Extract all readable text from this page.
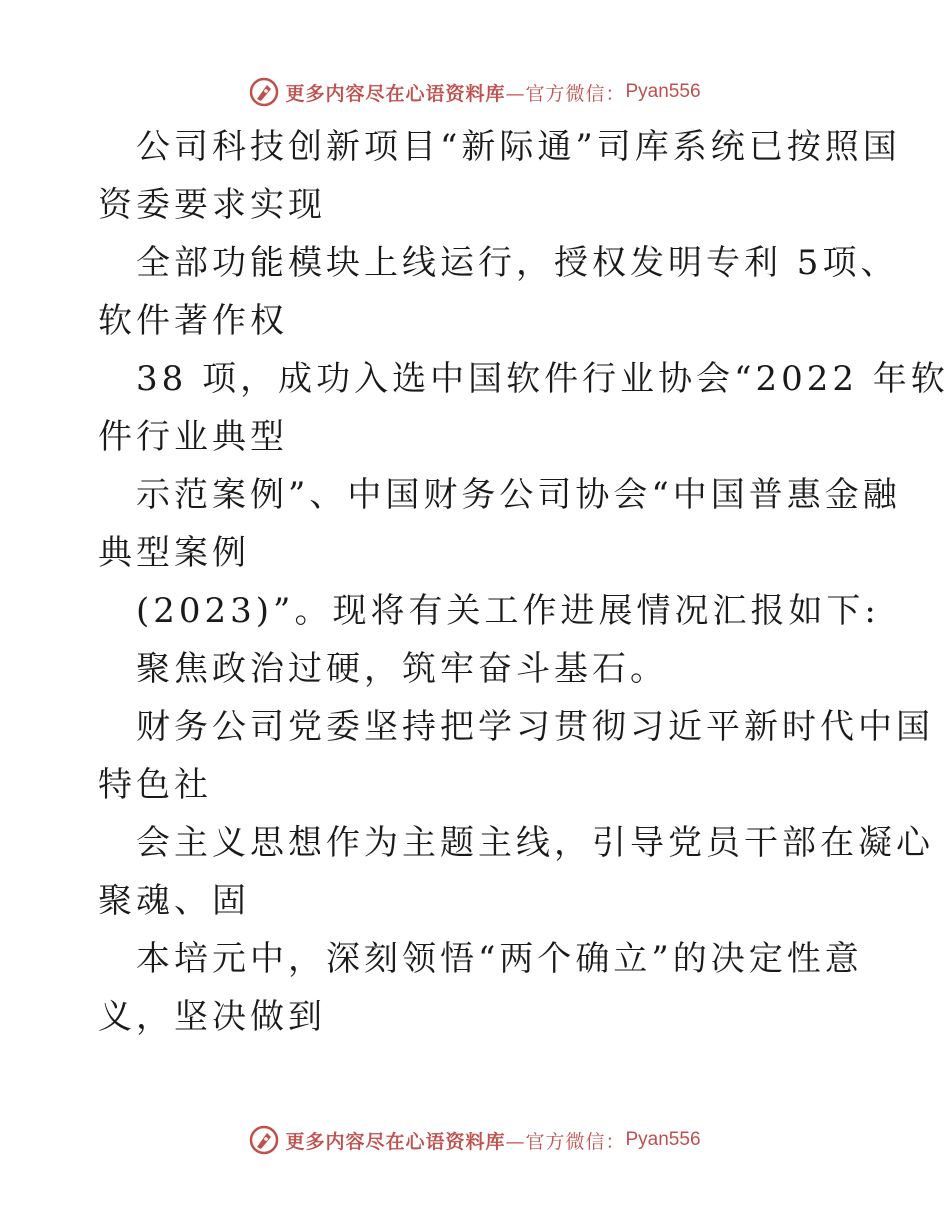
更多内容尽在心语资料库 —官方微信： Pyan556
公司科技创新项目“新际通”司库系统已按照国
资委要求实现
全部功能模块上线运行，授权发明专利 5项、
软件著作权
38 项，成功入选中国软件行业协会“2022 年软
件行业典型
示范案例”、中国财务公司协会“中国普惠金融
典型案例
(2023)”。现将有关工作进展情况汇报如下:
聚焦政治过硬，筑牢奋斗基石。
财务公司党委坚持把学习贯彻习近平新时代中国
特色社
会主义思想作为主题主线，引导党员干部在凝心
聚魂、固
本培元中，深刻领悟“两个确立”的决定性意
义，坚决做到
更多内容尽在心语资料库 —官方微信： Pyan556
